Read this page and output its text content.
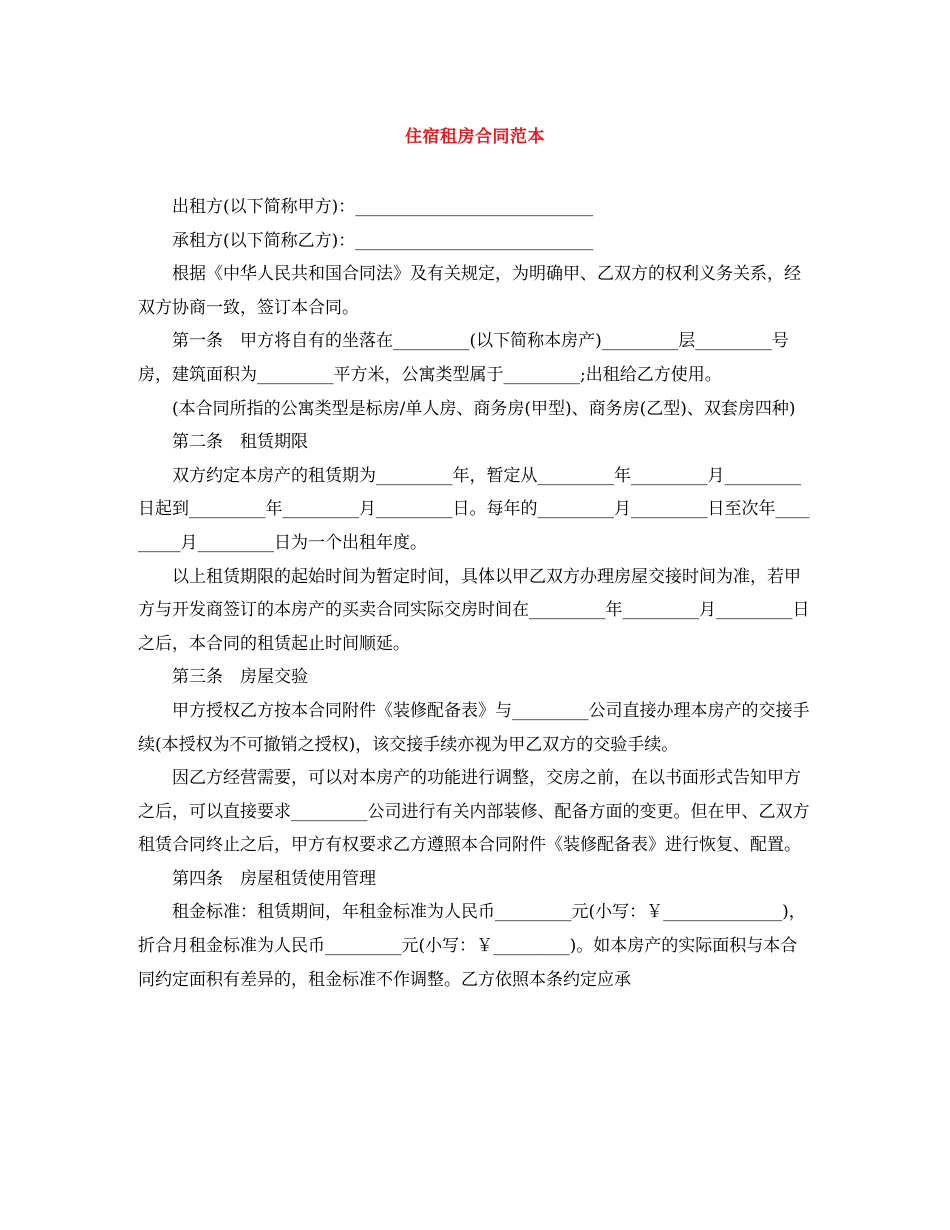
住宿租房合同范本

出租方(以下简称甲方)：____________________________

承租方(以下简称乙方)：____________________________

根据《中华人民共和国合同法》及有关规定，为明确甲、乙双方的权利义务关系，经双方协商一致，签订本合同。

第一条　甲方将自有的坐落在_________(以下简称本房产)_________层_________号房，建筑面积为_________平方米，公寓类型属于_________;出租给乙方使用。

(本合同所指的公寓类型是标房/单人房、商务房(甲型)、商务房(乙型)、双套房四种)

第二条　租赁期限

双方约定本房产的租赁期为_________年，暂定从_________年_________月_________日起到_________年_________月_________日。每年的_________月_________日至次年_________月_________日为一个出租年度。

以上租赁期限的起始时间为暂定时间，具体以甲乙双方办理房屋交接时间为准，若甲方与开发商签订的本房产的买卖合同实际交房时间在_________年_________月_________日之后，本合同的租赁起止时间顺延。

第三条　房屋交验

甲方授权乙方按本合同附件《装修配备表》与_________公司直接办理本房产的交接手续(本授权为不可撤销之授权)，该交接手续亦视为甲乙双方的交验手续。

因乙方经营需要，可以对本房产的功能进行调整，交房之前，在以书面形式告知甲方之后，可以直接要求_________公司进行有关内部装修、配备方面的变更。但在甲、乙双方租赁合同终止之后，甲方有权要求乙方遵照本合同附件《装修配备表》进行恢复、配置。

第四条　房屋租赁使用管理

租金标准：租赁期间，年租金标准为人民币_________元(小写：￥______________)，折合月租金标准为人民币_________元(小写：￥_________)。如本房产的实际面积与本合同约定面积有差异的，租金标准不作调整。乙方依照本条约定应承
